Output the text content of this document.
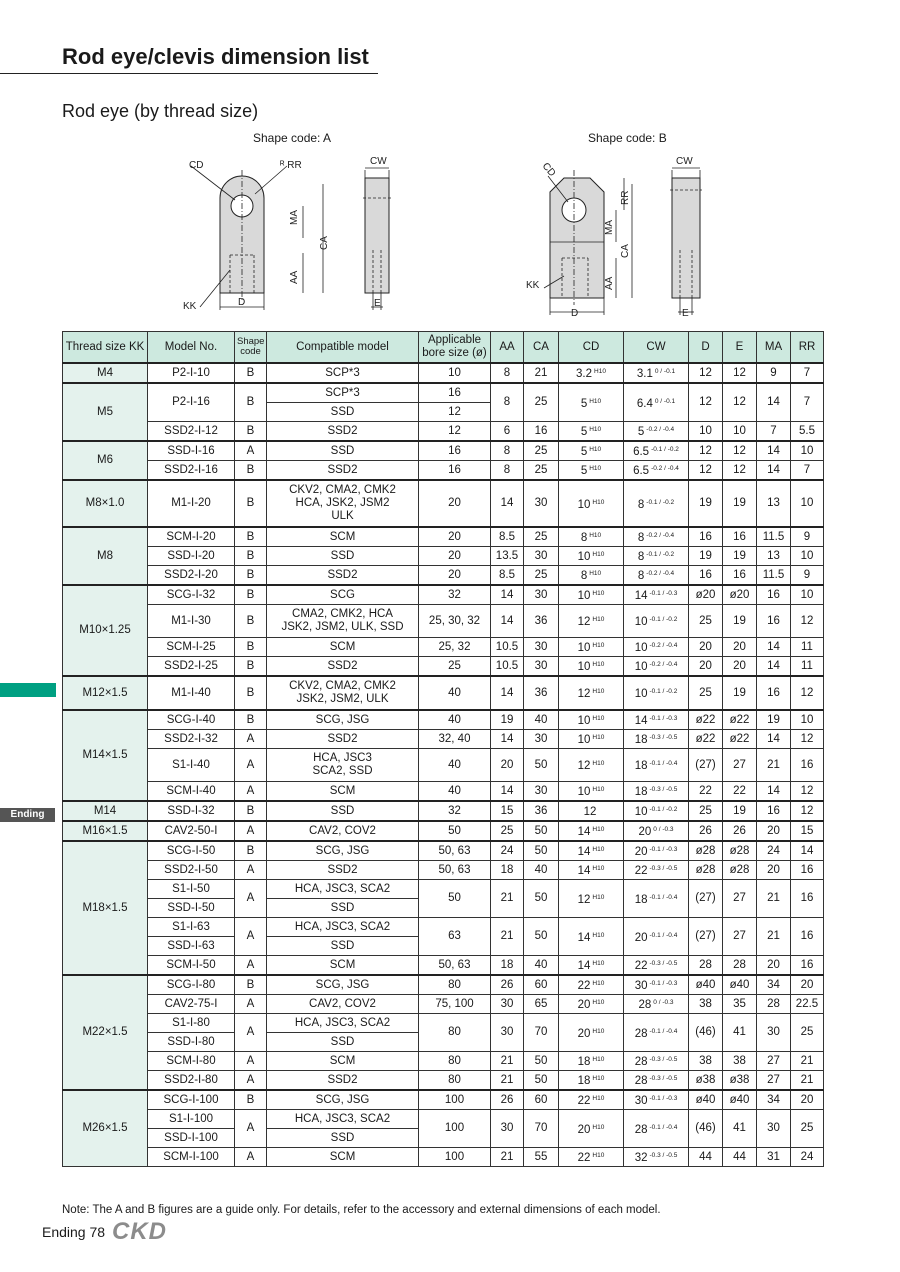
Rod eye/clevis dimension list
Rod eye (by thread size)
Shape code: A	Shape code: B
CD	ᴿ RR
MA
CA
AA
KK	D
CW
E
CD
RR
MA
CA
AA
KK
D
CW
E
Ending
Thread size KK	Model No.	Shape code	Compatible model	Applicable bore size (ø)	AA	CA	CD	CW	D	E	MA	RR
M4	P2-I-10	B	SCP*3	10	8	21	3.2 $^{H10}$	3.1 $^{0 / -0.1}$	12	12	9	7
M5	P2-I-16	B	SCP*3	16	8	25	5 $^{H10}$	6.4 $^{0 / -0.1}$	12	12	14	7
			SSD	12								
	SSD2-I-12	B	SSD2	12	6	16	5 $^{H10}$	5 $^{-0.2 / -0.4}$	10	10	7	5.5
M6	SSD-I-16	A	SSD	16	8	25	5 $^{H10}$	6.5 $^{-0.1 / -0.2}$	12	12	14	10
	SSD2-I-16	B	SSD2	16	8	25	5 $^{H10}$	6.5 $^{-0.2 / -0.4}$	12	12	14	7
M8×1.0	M1-I-20	B	CKV2, CMA2, CMK2
HCA, JSK2, JSM2
ULK	20	14	30	10 $^{H10}$	8 $^{-0.1 / -0.2}$	19	19	13	10
M8	SCM-I-20	B	SCM	20	8.5	25	8 $^{H10}$	8 $^{-0.2 / -0.4}$	16	16	11.5	9
	SSD-I-20	B	SSD	20	13.5	30	10 $^{H10}$	8 $^{-0.1 / -0.2}$	19	19	13	10
	SSD2-I-20	B	SSD2	20	8.5	25	8 $^{H10}$	8 $^{-0.2 / -0.4}$	16	16	11.5	9
M10×1.25	SCG-I-32	B	SCG	32	14	30	10 $^{H10}$	14 $^{-0.1 / -0.3}$	ø20	ø20	16	10
	M1-I-30	B	CMA2, CMK2, HCA
JSK2, JSM2, ULK, SSD	25, 30, 32	14	36	12 $^{H10}$	10 $^{-0.1 / -0.2}$	25	19	16	12
	SCM-I-25	B	SCM	25, 32	10.5	30	10 $^{H10}$	10 $^{-0.2 / -0.4}$	20	20	14	11
	SSD2-I-25	B	SSD2	25	10.5	30	10 $^{H10}$	10 $^{-0.2 / -0.4}$	20	20	14	11
M12×1.5	M1-I-40	B	CKV2, CMA2, CMK2
JSK2, JSM2, ULK	40	14	36	12 $^{H10}$	10 $^{-0.1 / -0.2}$	25	19	16	12
M14×1.5	SCG-I-40	B	SCG, JSG	40	19	40	10 $^{H10}$	14 $^{-0.1 / -0.3}$	ø22	ø22	19	10
	SSD2-I-32	A	SSD2	32, 40	14	30	10 $^{H10}$	18 $^{-0.3 / -0.5}$	ø22	ø22	14	12
	S1-I-40	A	HCA, JSC3
SCA2, SSD	40	20	50	12 $^{H10}$	18 $^{-0.1 / -0.4}$	(27)	27	21	16
	SCM-I-40	A	SCM	40	14	30	10 $^{H10}$	18 $^{-0.3 / -0.5}$	22	22	14	12
M14	SSD-I-32	B	SSD	32	15	36	12	10 $^{-0.1 / -0.2}$	25	19	16	12
M16×1.5	CAV2-50-I	A	CAV2, COV2	50	25	50	14 $^{H10}$	20 $^{0 / -0.3}$	26	26	20	15
M18×1.5	SCG-I-50	B	SCG, JSG	50, 63	24	50	14 $^{H10}$	20 $^{-0.1 / -0.3}$	ø28	ø28	24	14
	SSD2-I-50	A	SSD2	50, 63	18	40	14 $^{H10}$	22 $^{-0.3 / -0.5}$	ø28	ø28	20	16
	S1-I-50	A	HCA, JSC3, SCA2	50	21	50	12 $^{H10}$	18 $^{-0.1 / -0.4}$	(27)	27	21	16
	SSD-I-50		SSD									
	S1-I-63	A	HCA, JSC3, SCA2	63	21	50	14 $^{H10}$	20 $^{-0.1 / -0.4}$	(27)	27	21	16
	SSD-I-63		SSD									
	SCM-I-50	A	SCM	50, 63	18	40	14 $^{H10}$	22 $^{-0.3 / -0.5}$	28	28	20	16
M22×1.5	SCG-I-80	B	SCG, JSG	80	26	60	22 $^{H10}$	30 $^{-0.1 / -0.3}$	ø40	ø40	34	20
	CAV2-75-I	A	CAV2, COV2	75, 100	30	65	20 $^{H10}$	28 $^{0 / -0.3}$	38	35	28	22.5
	S1-I-80	A	HCA, JSC3, SCA2	80	30	70	20 $^{H10}$	28 $^{-0.1 / -0.4}$	(46)	41	30	25
	SSD-I-80		SSD									
	SCM-I-80	A	SCM	80	21	50	18 $^{H10}$	28 $^{-0.3 / -0.5}$	38	38	27	21
	SSD2-I-80	A	SSD2	80	21	50	18 $^{H10}$	28 $^{-0.3 / -0.5}$	ø38	ø38	27	21
M26×1.5	SCG-I-100	B	SCG, JSG	100	26	60	22 $^{H10}$	30 $^{-0.1 / -0.3}$	ø40	ø40	34	20
	S1-I-100	A	HCA, JSC3, SCA2	100	30	70	20 $^{H10}$	28 $^{-0.1 / -0.4}$	(46)	41	30	25
	SSD-I-100		SSD									
	SCM-I-100	A	SCM	100	21	55	22 $^{H10}$	32 $^{-0.3 / -0.5}$	44	44	31	24
Note: The A and B figures are a guide only. For details, refer to the accessory and external dimensions of each model.
Ending 78 CKD
